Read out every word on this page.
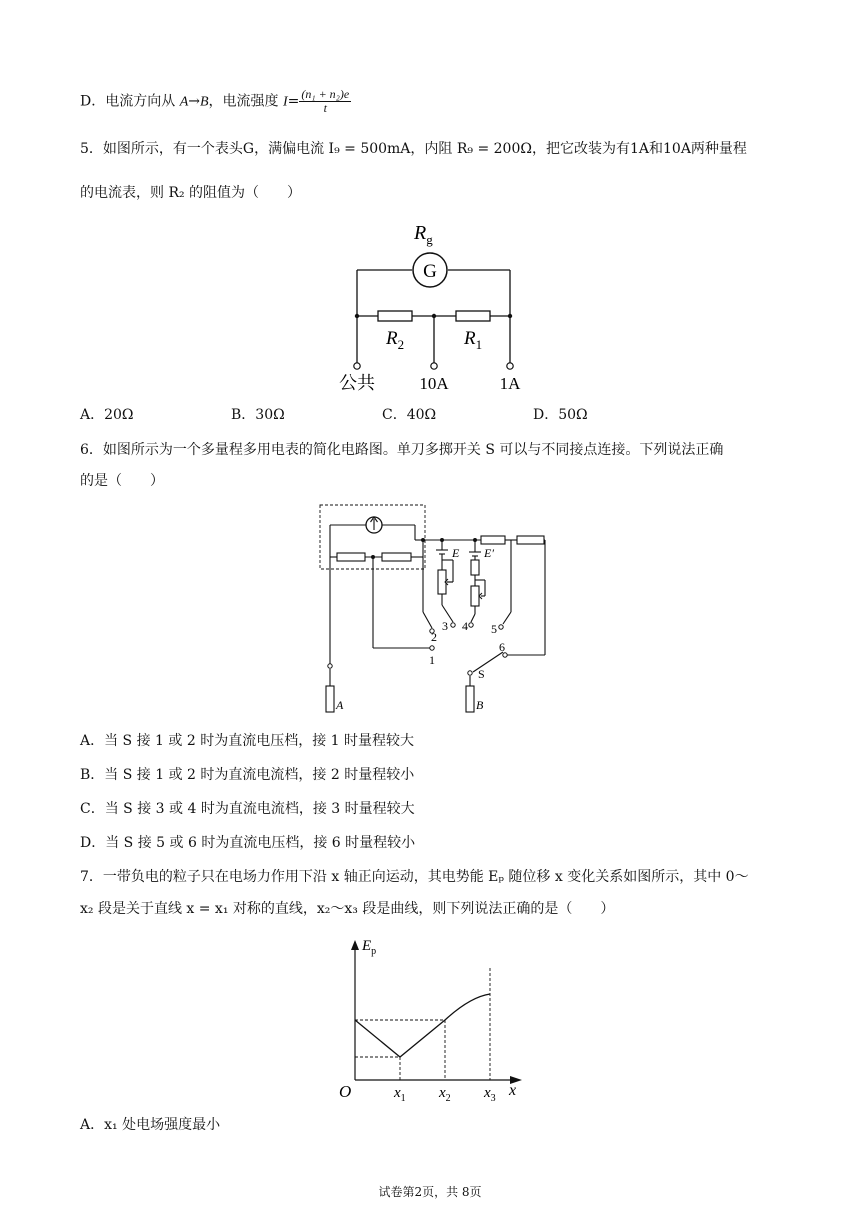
D．电流方向从 A→B，电流强度 $I= \frac{\text{(n₁ + n₂)e}}{t}$
5．如图所示，有一个表头G，满偏电流 I₉ = 500mA，内阻 R₉ = 200Ω，把它改装为有1A和10A两种量程
的电流表，则 R₂ 的阻值为（　　）
G
$R_g$
$R_2$	$R_1$
公共	10A	1A
A．20Ω	B．30Ω	C．40Ω	D．50Ω
6．如图所示为一个多量程多用电表的简化电路图。单刀多掷开关 S 可以与不同接点连接。下列说法正确
的是（　　）
E E′
1
2
3 4 5
6
S
A	B
A．当 S 接 1 或 2 时为直流电压档，接 1 时量程较大
B．当 S 接 1 或 2 时为直流电流档，接 2 时量程较小
C．当 S 接 3 或 4 时为直流电流档，接 3 时量程较大
D．当 S 接 5 或 6 时为直流电压档，接 6 时量程较小
7．一带负电的粒子只在电场力作用下沿 x 轴正向运动，其电势能 Eₚ 随位移 x 变化关系如图所示，其中 0～
x₂ 段是关于直线 x = x₁ 对称的直线，x₂～x₃ 段是曲线，则下列说法正确的是（　　）
$E_p$
O	$x_1$ $x_2$ $x_3$ x
A．x₁ 处电场强度最小
试卷第2页，共 8页
